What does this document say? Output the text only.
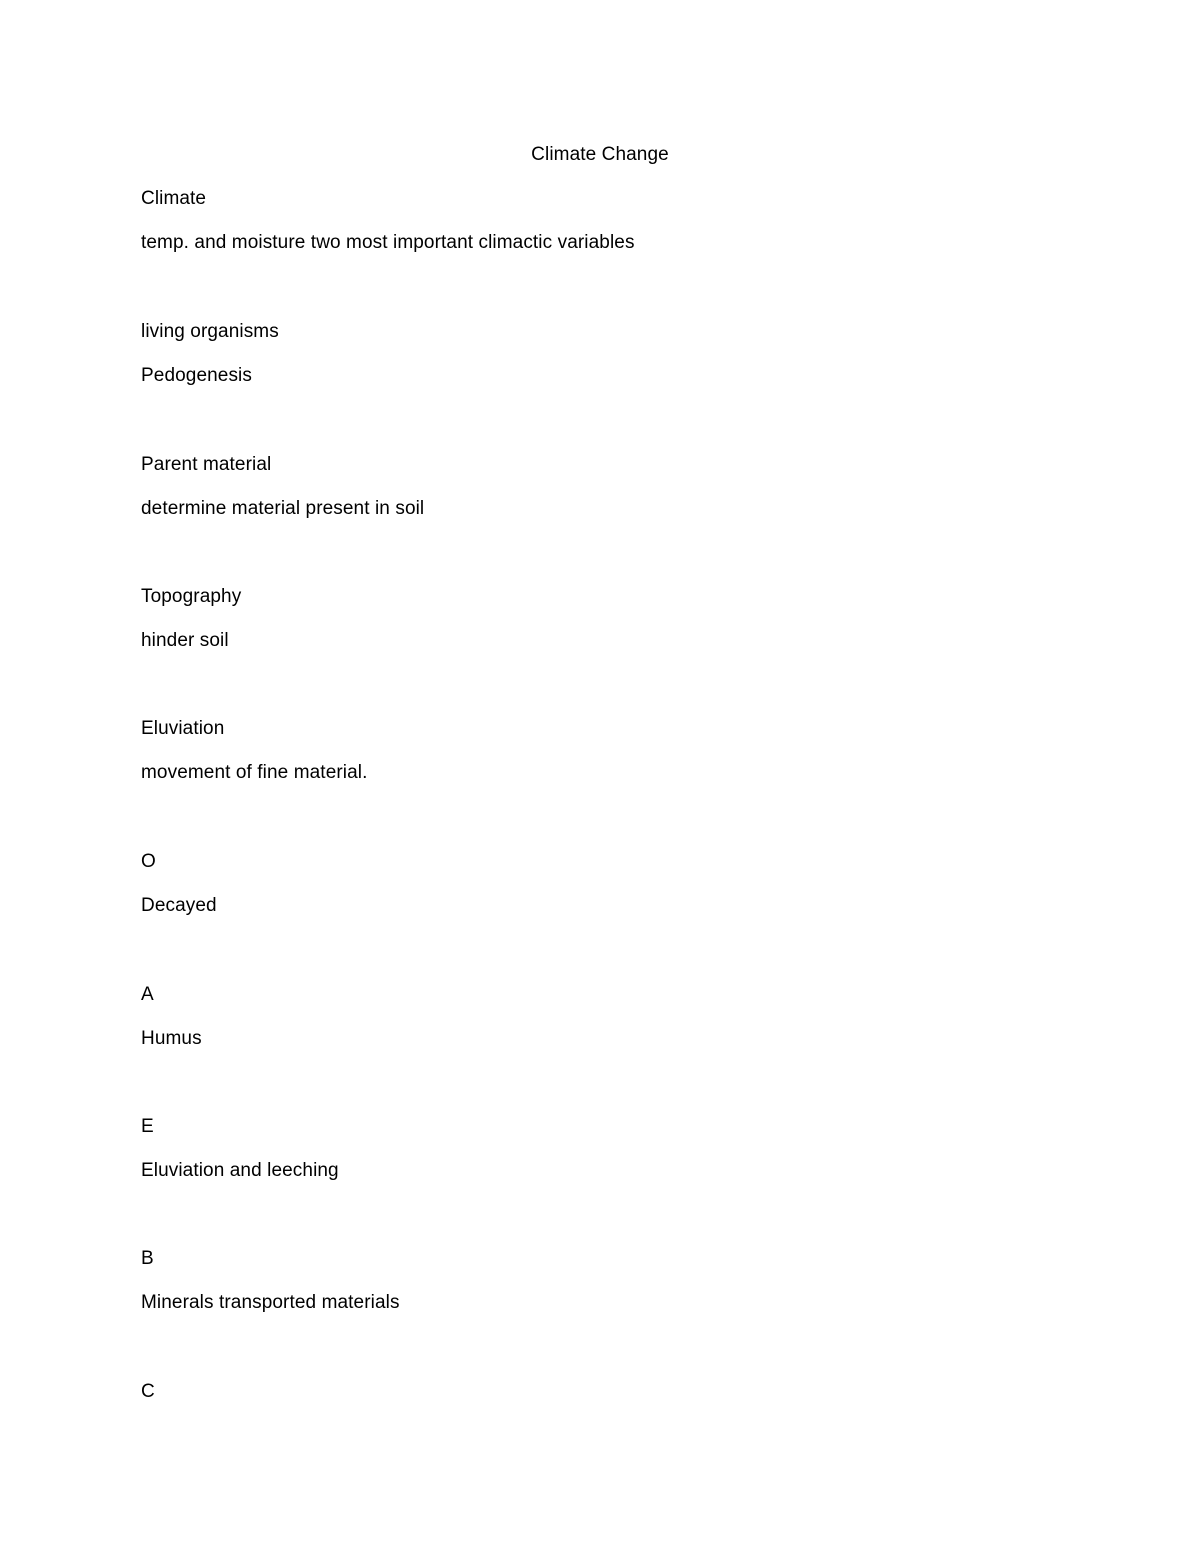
Climate Change
Climate
temp. and moisture two most important climactic variables
living organisms
Pedogenesis
Parent material
determine material present in soil
Topography
hinder soil
Eluviation
movement of fine material.
O
Decayed
A
Humus
E
Eluviation and leeching
B
Minerals transported materials
C
